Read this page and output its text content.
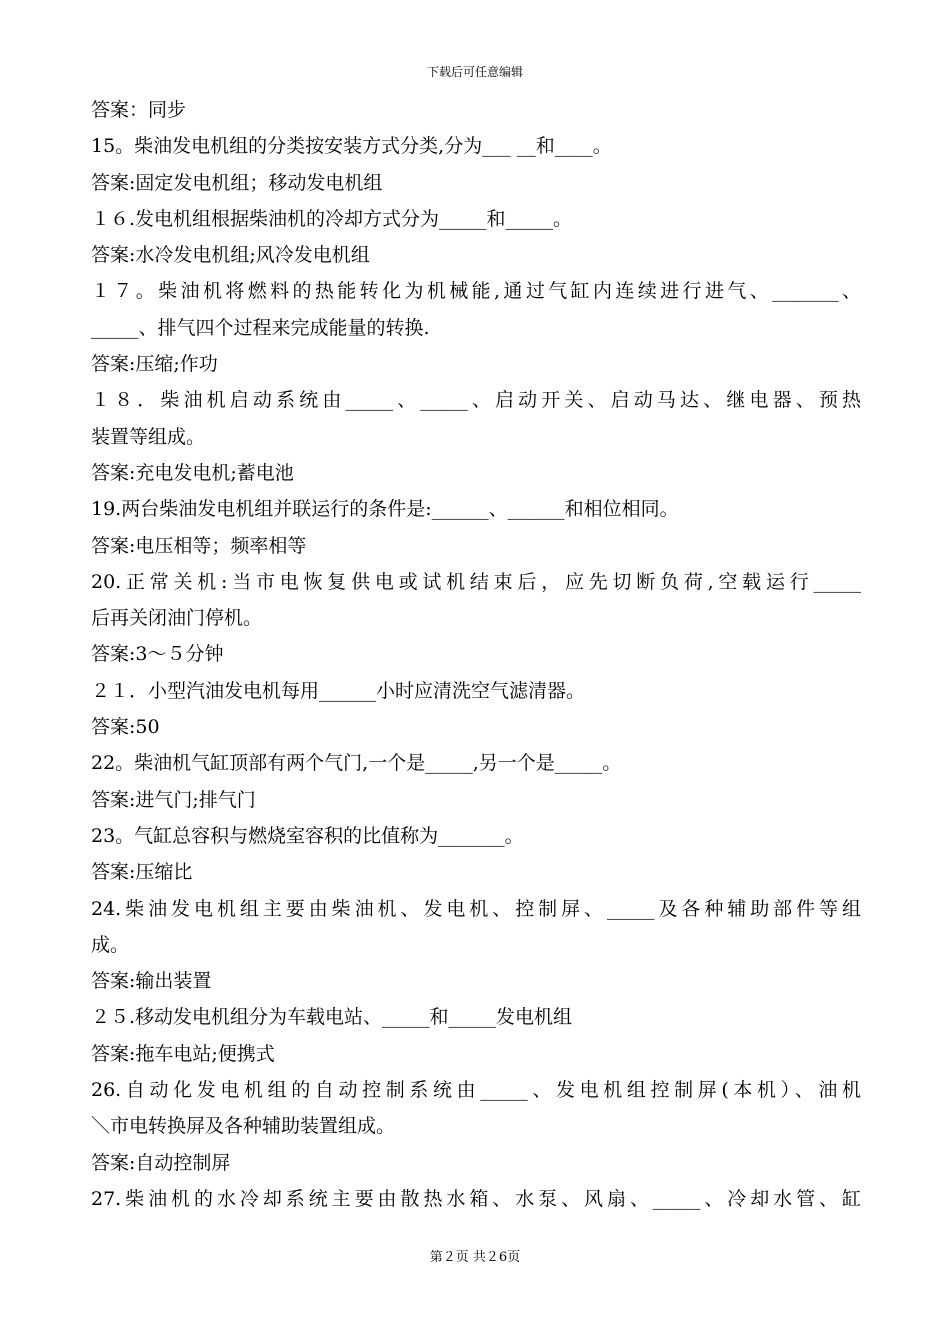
下载后可任意编辑
答案：同步
15。柴油发电机组的分类按安装方式分类,分为___ __和____。
答案:固定发电机组；移动发电机组
１６.发电机组根据柴油机的冷却方式分为_____和_____。
答案:水冷发电机组;风冷发电机组
１７。柴油机将燃料的热能转化为机械能,通过气缸内连续进行进气、_______、
_____、排气四个过程来完成能量的转换.
答案:压缩;作功
１８．柴油机启动系统由_____、_____、启动开关、启动马达、继电器、预热
装置等组成。
答案:充电发电机;蓄电池
19.两台柴油发电机组并联运行的条件是:______、______和相位相同。
答案:电压相等；频率相等
20.正常关机:当市电恢复供电或试机结束后，应先切断负荷,空载运行_____
后再关闭油门停机。
答案:3～５分钟
２１．小型汽油发电机每用______小时应清洗空气滤清器。
答案:50
22。柴油机气缸顶部有两个气门,一个是_____,另一个是_____。
答案:进气门;排气门
23。气缸总容积与燃烧室容积的比值称为_______。
答案:压缩比
24.柴油发电机组主要由柴油机、发电机、控制屏、_____及各种辅助部件等组
成。
答案:输出装置
２５.移动发电机组分为车载电站、_____和_____发电机组
答案:拖车电站;便携式
26.自动化发电机组的自动控制系统由_____、发电机组控制屏(本机）、油机
＼市电转换屏及各种辅助装置组成。
答案:自动控制屏
27.柴油机的水冷却系统主要由散热水箱、水泵、风扇、_____、冷却水管、缸
第２页 共２6页
